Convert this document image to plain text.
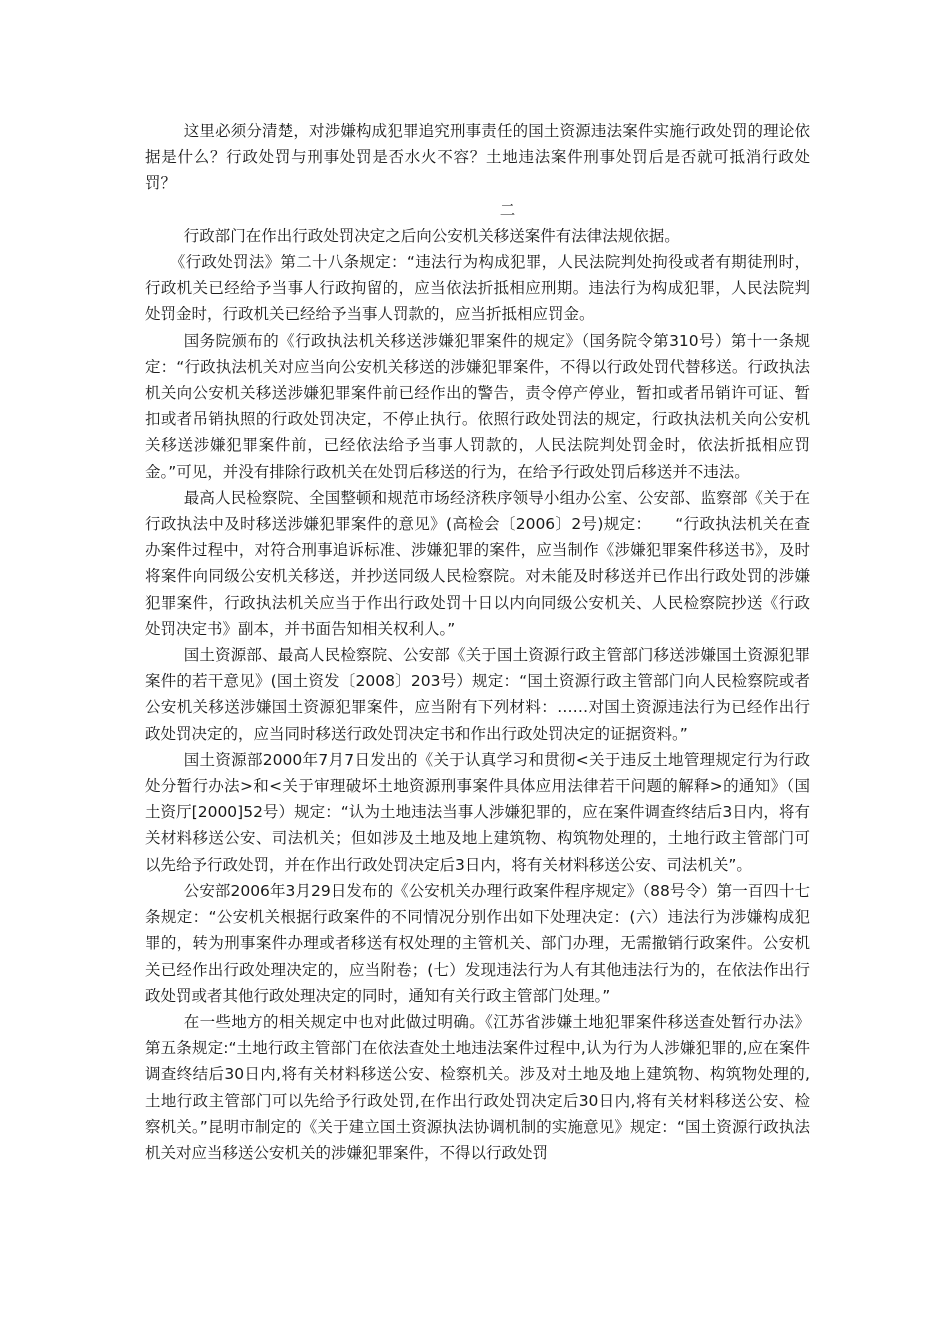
这里必须分清楚，对涉嫌构成犯罪追究刑事责任的国土资源违法案件实施行政处罚的理论依据是什么？行政处罚与刑事处罚是否水火不容？土地违法案件刑事处罚后是否就可抵消行政处罚？

二

行政部门在作出行政处罚决定之后向公安机关移送案件有法律法规依据。

《行政处罚法》第二十八条规定：“违法行为构成犯罪，人民法院判处拘役或者有期徒刑时，行政机关已经给予当事人行政拘留的，应当依法折抵相应刑期。违法行为构成犯罪，人民法院判处罚金时，行政机关已经给予当事人罚款的，应当折抵相应罚金。

国务院颁布的《行政执法机关移送涉嫌犯罪案件的规定》（国务院令第310号）第十一条规定：“行政执法机关对应当向公安机关移送的涉嫌犯罪案件，不得以行政处罚代替移送。行政执法机关向公安机关移送涉嫌犯罪案件前已经作出的警告，责令停产停业，暂扣或者吊销许可证、暂扣或者吊销执照的行政处罚决定，不停止执行。依照行政处罚法的规定，行政执法机关向公安机关移送涉嫌犯罪案件前，已经依法给予当事人罚款的，人民法院判处罚金时，依法折抵相应罚金。”可见，并没有排除行政机关在处罚后移送的行为，在给予行政处罚后移送并不违法。

最高人民检察院、全国整顿和规范市场经济秩序领导小组办公室、公安部、监察部《关于在行政执法中及时移送涉嫌犯罪案件的意见》(高检会〔2006〕2号)规定：　　“行政执法机关在查办案件过程中，对符合刑事追诉标准、涉嫌犯罪的案件，应当制作《涉嫌犯罪案件移送书》，及时将案件向同级公安机关移送，并抄送同级人民检察院。对未能及时移送并已作出行政处罚的涉嫌犯罪案件，行政执法机关应当于作出行政处罚十日以内向同级公安机关、人民检察院抄送《行政处罚决定书》副本，并书面告知相关权利人。”

国土资源部、最高人民检察院、公安部《关于国土资源行政主管部门移送涉嫌国土资源犯罪案件的若干意见》(国土资发〔2008〕203号）规定：“国土资源行政主管部门向人民检察院或者公安机关移送涉嫌国土资源犯罪案件，应当附有下列材料：……对国土资源违法行为已经作出行政处罚决定的，应当同时移送行政处罚决定书和作出行政处罚决定的证据资料。”

国土资源部2000年7月7日发出的《关于认真学习和贯彻<关于违反土地管理规定行为行政处分暂行办法>和<关于审理破坏土地资源刑事案件具体应用法律若干问题的解释>的通知》（国土资厅[2000]52号）规定：“认为土地违法当事人涉嫌犯罪的，应在案件调查终结后3日内，将有关材料移送公安、司法机关；但如涉及土地及地上建筑物、构筑物处理的，土地行政主管部门可以先给予行政处罚，并在作出行政处罚决定后3日内，将有关材料移送公安、司法机关”。

公安部2006年3月29日发布的《公安机关办理行政案件程序规定》（88号令）第一百四十七条规定：“公安机关根据行政案件的不同情况分别作出如下处理决定：(六）违法行为涉嫌构成犯罪的，转为刑事案件办理或者移送有权处理的主管机关、部门办理，无需撤销行政案件。公安机关已经作出行政处理决定的，应当附卷；(七）发现违法行为人有其他违法行为的，在依法作出行政处罚或者其他行政处理决定的同时，通知有关行政主管部门处理。”

在一些地方的相关规定中也对此做过明确。《江苏省涉嫌土地犯罪案件移送查处暂行办法》第五条规定:“土地行政主管部门在依法查处土地违法案件过程中,认为行为人涉嫌犯罪的,应在案件调查终结后30日内,将有关材料移送公安、检察机关。涉及对土地及地上建筑物、构筑物处理的,土地行政主管部门可以先给予行政处罚,在作出行政处罚决定后30日内,将有关材料移送公安、检察机关。”昆明市制定的《关于建立国土资源执法协调机制的实施意见》规定：“国土资源行政执法机关对应当移送公安机关的涉嫌犯罪案件，不得以行政处罚
